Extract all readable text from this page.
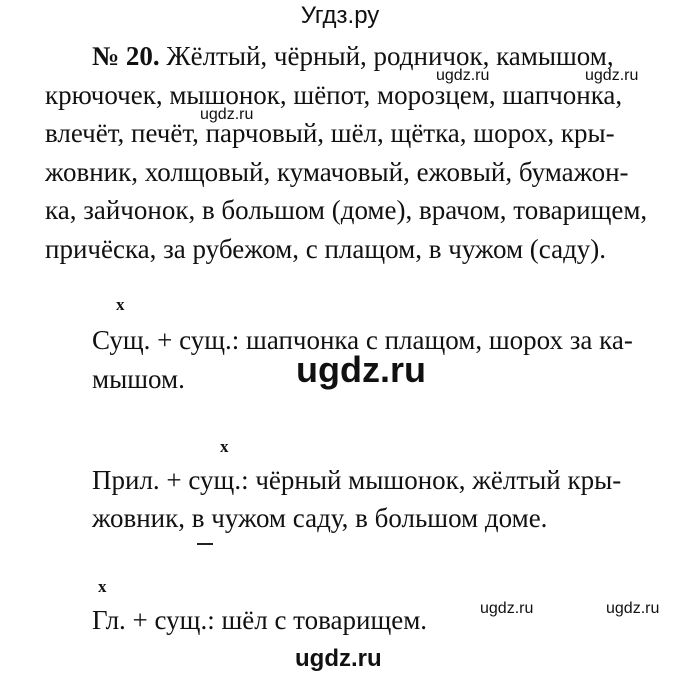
Угдз.ру
№ 20. Жёлтый, чёрный, родничок, камышом,
крючочек, мышонок, шёпот, морозцем, шапчонка,
влечёт, печёт, парчовый, шёл, щётка, шорох, кры-
жовник, холщовый, кумачовый, ежовый, бумажон-
ка, зайчонок, в большом (доме), врачом, товарищем,
причёска, за рубежом, с плащом, в чужом (саду).
ugdz.ru	ugdz.ru
ugdz.ru
x
Сущ. + сущ.: шапчонка с плащом, шорох за ка-
мышом.	ugdz.ru
x
Прил. + сущ.: чёрный мышонок, жёлтый кры-
жовник, в чужом саду, в большом доме.
x
Гл. + сущ.: шёл с товарищем.	ugdz.ru	ugdz.ru
ugdz.ru
